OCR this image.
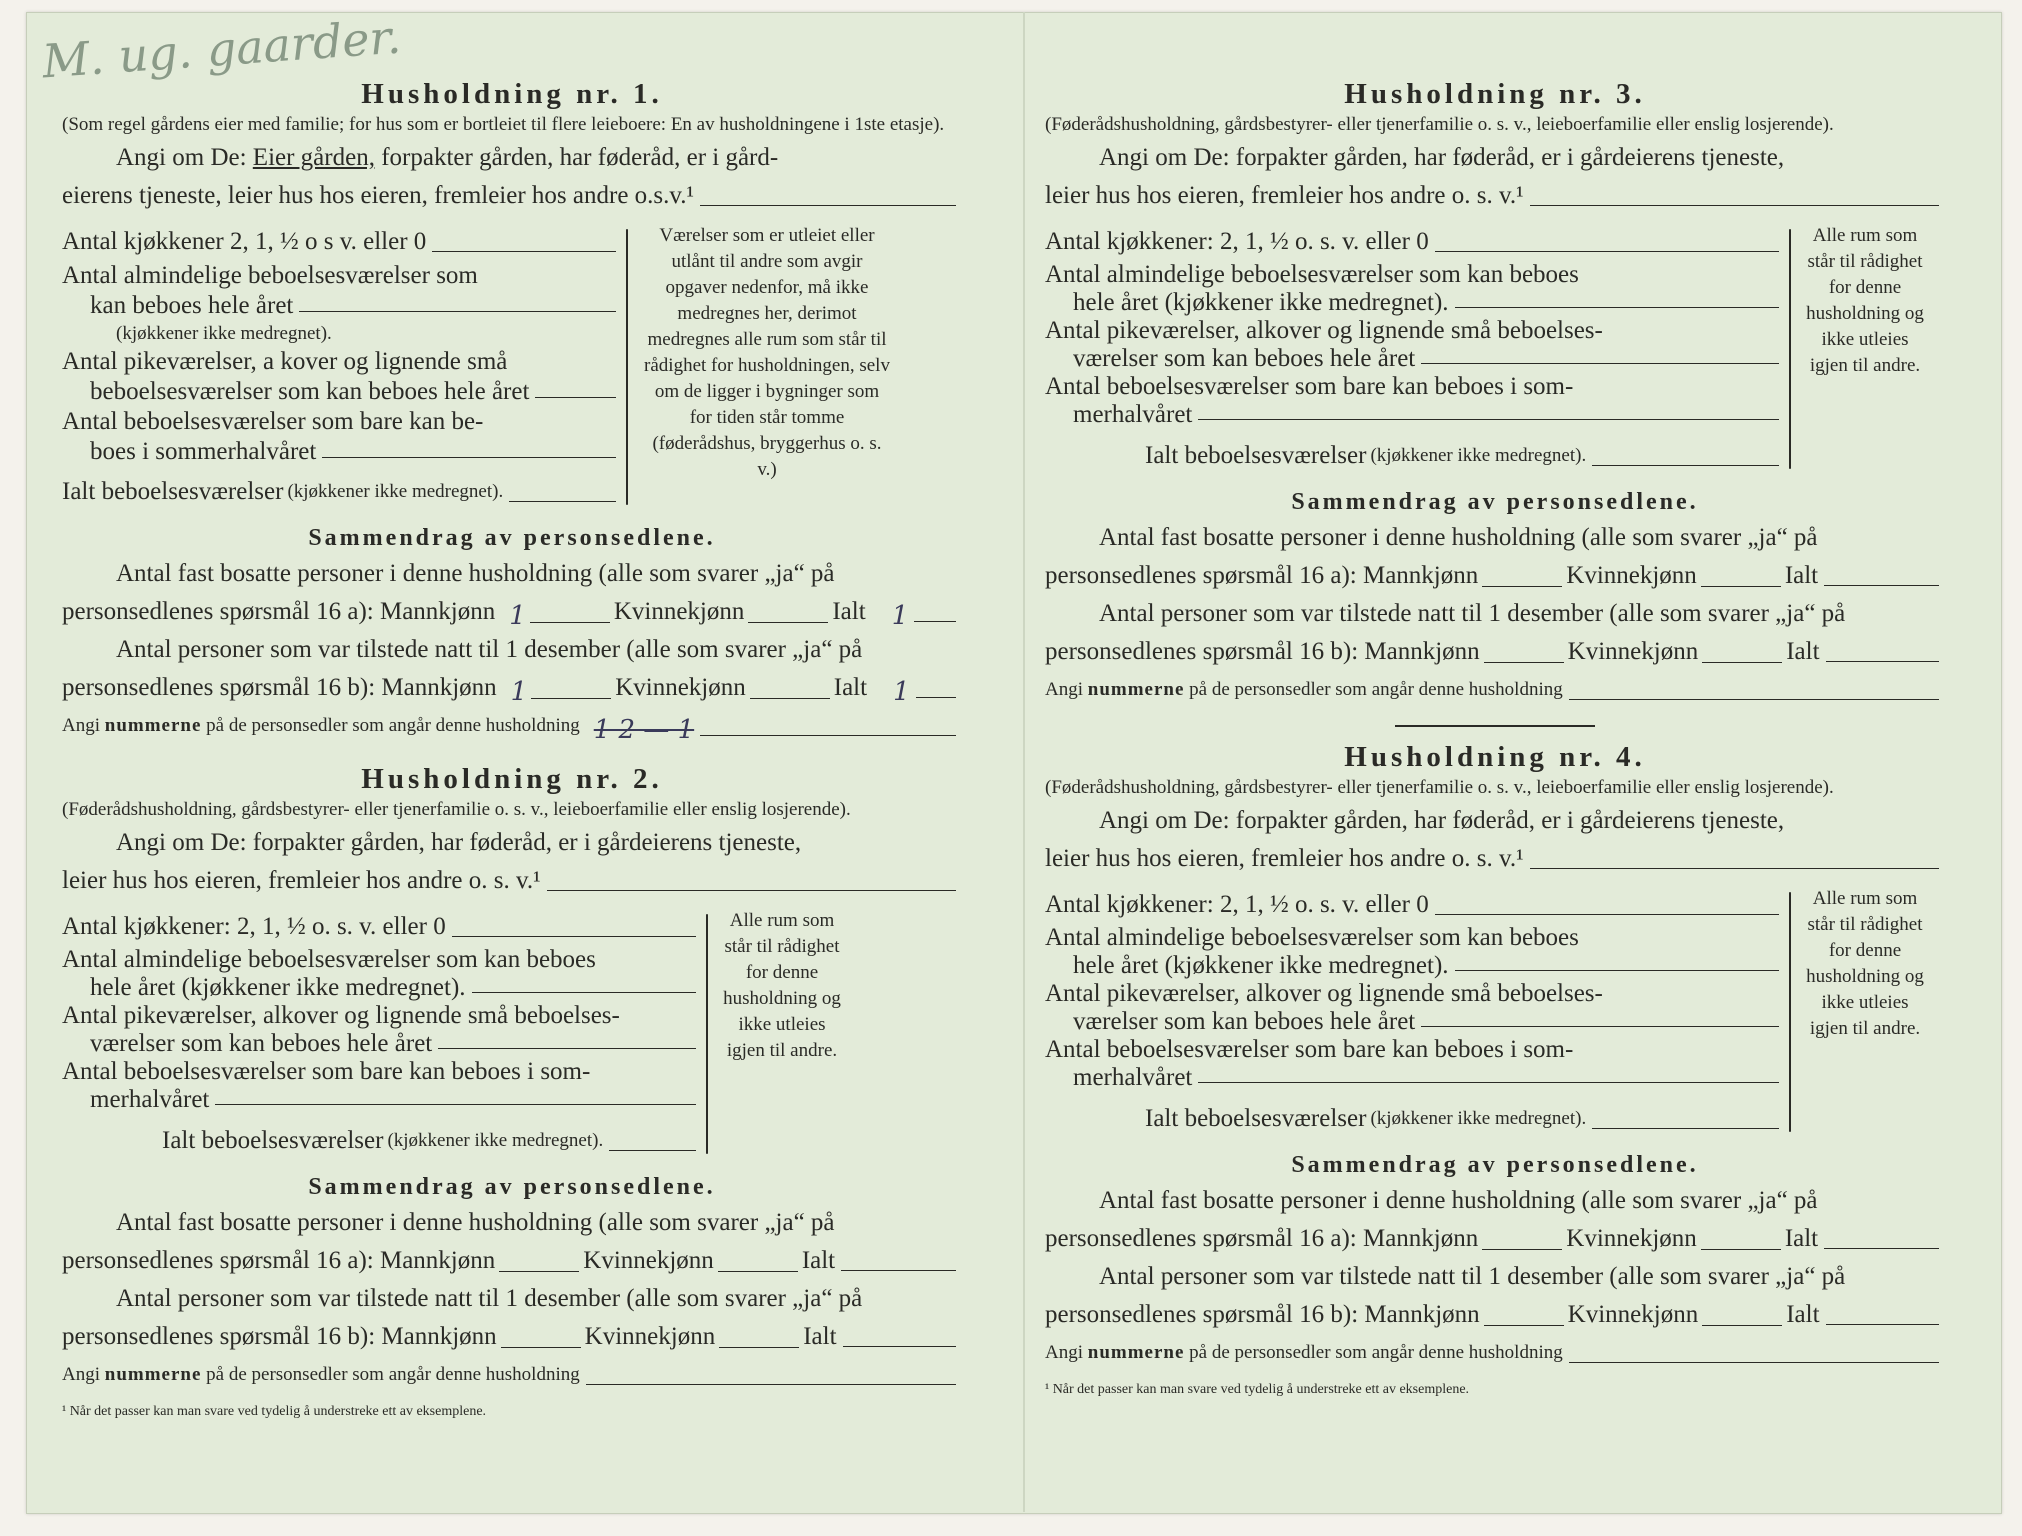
M. ug. gaarder.
Husholdning nr. 1.

(Som regel gårdens eier med familie; for hus som er bortleiet til flere leieboere: En av husholdningene i 1ste etasje).

Angi om De: Eier gården, forpakter gården, har føderåd, er i gård-

eierens tjeneste, leier hus hos eieren, fremleier hos andre o.s.v.¹
Antal kjøkkener 2, 1, ½ o s v. eller 0
Antal almindelige beboelsesværelser som
kan beboes hele året
(kjøkkener ikke medregnet).
Antal pikeværelser, a kover og lignende små
beboelsesværelser som kan beboes hele året
Antal beboelsesværelser som bare kan be-
boes i sommerhalvåret
Ialt beboelsesværelser
(kjøkkener ikke medregnet).
Værelser som er utleiet eller utlånt til andre som avgir opgaver nedenfor, må ikke medregnes her, derimot medregnes alle rum som står til rådighet for husholdningen, selv om de ligger i bygninger som for tiden står tomme (føderådshus, bryggerhus o. s. v.)
Sammendrag av personsedlene.

Antal fast bosatte personer i denne husholdning (alle som svarer „ja“ på

personsedlenes spørsmål 16 a): Mannkjønn 1	Kvinnekjønn	Ialt 1

Antal personer som var tilstede natt til 1 desember (alle som svarer „ja“ på

personsedlenes spørsmål 16 b): Mannkjønn 1	Kvinnekjønn	Ialt 1
Angi nummerne på de personsedler som angår denne husholdning 1 2 — 1
Husholdning nr. 2.

(Føderådshusholdning, gårdsbestyrer- eller tjenerfamilie o. s. v., leieboerfamilie eller enslig losjerende).

Angi om De: forpakter gården, har føderåd, er i gårdeierens tjeneste,

leier hus hos eieren, fremleier hos andre o. s. v.¹
Antal kjøkkener: 2, 1, ½ o. s. v. eller 0
Antal almindelige beboelsesværelser som kan beboes
hele året (kjøkkener ikke medregnet).
Antal pikeværelser, alkover og lignende små beboelses-
værelser som kan beboes hele året
Antal beboelsesværelser som bare kan beboes i som-
merhalvåret
Ialt beboelsesværelser
(kjøkkener ikke medregnet).
Alle rum som står til rådighet for denne husholdning og ikke utleies igjen til andre.
Sammendrag av personsedlene.

Antal fast bosatte personer i denne husholdning (alle som svarer „ja“ på

personsedlenes spørsmål 16 a): Mannkjønn	Kvinnekjønn	Ialt

Antal personer som var tilstede natt til 1 desember (alle som svarer „ja“ på

personsedlenes spørsmål 16 b): Mannkjønn	Kvinnekjønn	Ialt
Angi nummerne på de personsedler som angår denne husholdning
¹ Når det passer kan man svare ved tydelig å understreke ett av eksemplene.
Husholdning nr. 3.

(Føderådshusholdning, gårdsbestyrer- eller tjenerfamilie o. s. v., leieboerfamilie eller enslig losjerende).

Angi om De: forpakter gården, har føderåd, er i gårdeierens tjeneste,

leier hus hos eieren, fremleier hos andre o. s. v.¹
Antal kjøkkener: 2, 1, ½ o. s. v. eller 0
Antal almindelige beboelsesværelser som kan beboes
hele året (kjøkkener ikke medregnet).
Antal pikeværelser, alkover og lignende små beboelses-
værelser som kan beboes hele året
Antal beboelsesværelser som bare kan beboes i som-
merhalvåret
Ialt beboelsesværelser
(kjøkkener ikke medregnet).
Alle rum som står til rådighet for denne husholdning og ikke utleies igjen til andre.
Sammendrag av personsedlene.

Antal fast bosatte personer i denne husholdning (alle som svarer „ja“ på

personsedlenes spørsmål 16 a): Mannkjønn	Kvinnekjønn	Ialt

Antal personer som var tilstede natt til 1 desember (alle som svarer „ja“ på

personsedlenes spørsmål 16 b): Mannkjønn	Kvinnekjønn	Ialt
Angi nummerne på de personsedler som angår denne husholdning
Husholdning nr. 4.

(Føderådshusholdning, gårdsbestyrer- eller tjenerfamilie o. s. v., leieboerfamilie eller enslig losjerende).

Angi om De: forpakter gården, har føderåd, er i gårdeierens tjeneste,

leier hus hos eieren, fremleier hos andre o. s. v.¹
Antal kjøkkener: 2, 1, ½ o. s. v. eller 0
Antal almindelige beboelsesværelser som kan beboes
hele året (kjøkkener ikke medregnet).
Antal pikeværelser, alkover og lignende små beboelses-
værelser som kan beboes hele året
Antal beboelsesværelser som bare kan beboes i som-
merhalvåret
Ialt beboelsesværelser
(kjøkkener ikke medregnet).
Alle rum som står til rådighet for denne husholdning og ikke utleies igjen til andre.
Sammendrag av personsedlene.

Antal fast bosatte personer i denne husholdning (alle som svarer „ja“ på

personsedlenes spørsmål 16 a): Mannkjønn	Kvinnekjønn	Ialt

Antal personer som var tilstede natt til 1 desember (alle som svarer „ja“ på

personsedlenes spørsmål 16 b): Mannkjønn	Kvinnekjønn	Ialt
Angi nummerne på de personsedler som angår denne husholdning
¹ Når det passer kan man svare ved tydelig å understreke ett av eksemplene.
